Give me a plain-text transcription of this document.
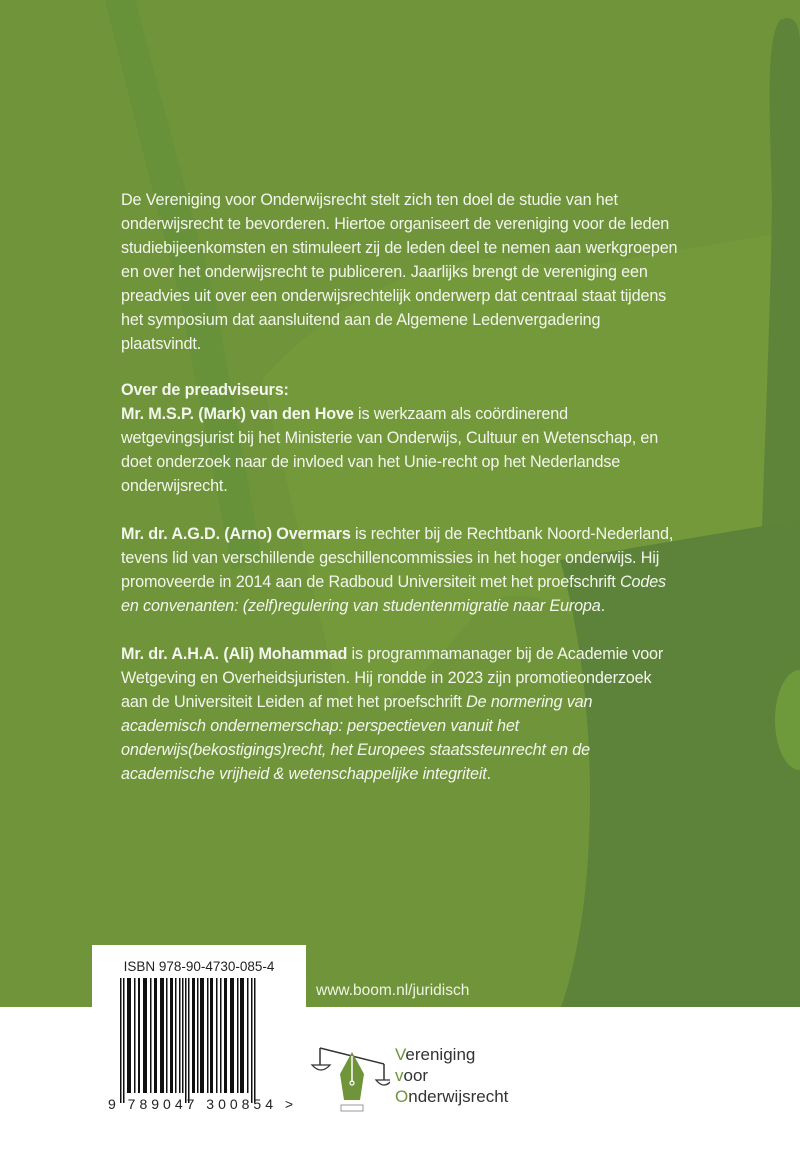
De Vereniging voor Onderwijsrecht stelt zich ten doel de studie van het onderwijsrecht te bevorderen. Hiertoe organiseert de vereniging voor de leden studiebijeenkomsten en stimuleert zij de leden deel te nemen aan werkgroepen en over het onderwijsrecht te publiceren. Jaarlijks brengt de vereniging een preadvies uit over een onderwijsrechtelijk onderwerp dat centraal staat tijdens het symposium dat aansluitend aan de Algemene Ledenvergadering plaatsvindt.

Over de preadviseurs:

Mr. M.S.P. (Mark) van den Hove is werkzaam als coördinerend wetgevingsjurist bij het Ministerie van Onderwijs, Cultuur en Wetenschap, en doet onderzoek naar de invloed van het Unie-recht op het Nederlandse onderwijsrecht.

Mr. dr. A.G.D. (Arno) Overmars is rechter bij de Rechtbank Noord-Nederland, tevens lid van verschillende geschillencommissies in het hoger onderwijs. Hij promoveerde in 2014 aan de Radboud Universiteit met het proefschrift Codes en convenanten: (zelf)regulering van studentenmigratie naar Europa.

Mr. dr. A.H.A. (Ali) Mohammad is programmamanager bij de Academie voor Wetgeving en Overheidsjuristen. Hij rondde in 2023 zijn promotieonderzoek aan de Universiteit Leiden af met het proefschrift De normering van academisch ondernemerschap: perspectieven vanuit het onderwijs(bekostigings)recht, het Europees staatssteunrecht en de academische vrijheid & wetenschappelijke integriteit.

ISBN 978-90-4730-085-4
9 789047 300854 >
www.boom.nl/juridisch
Vereniging
voor
Onderwijsrecht
